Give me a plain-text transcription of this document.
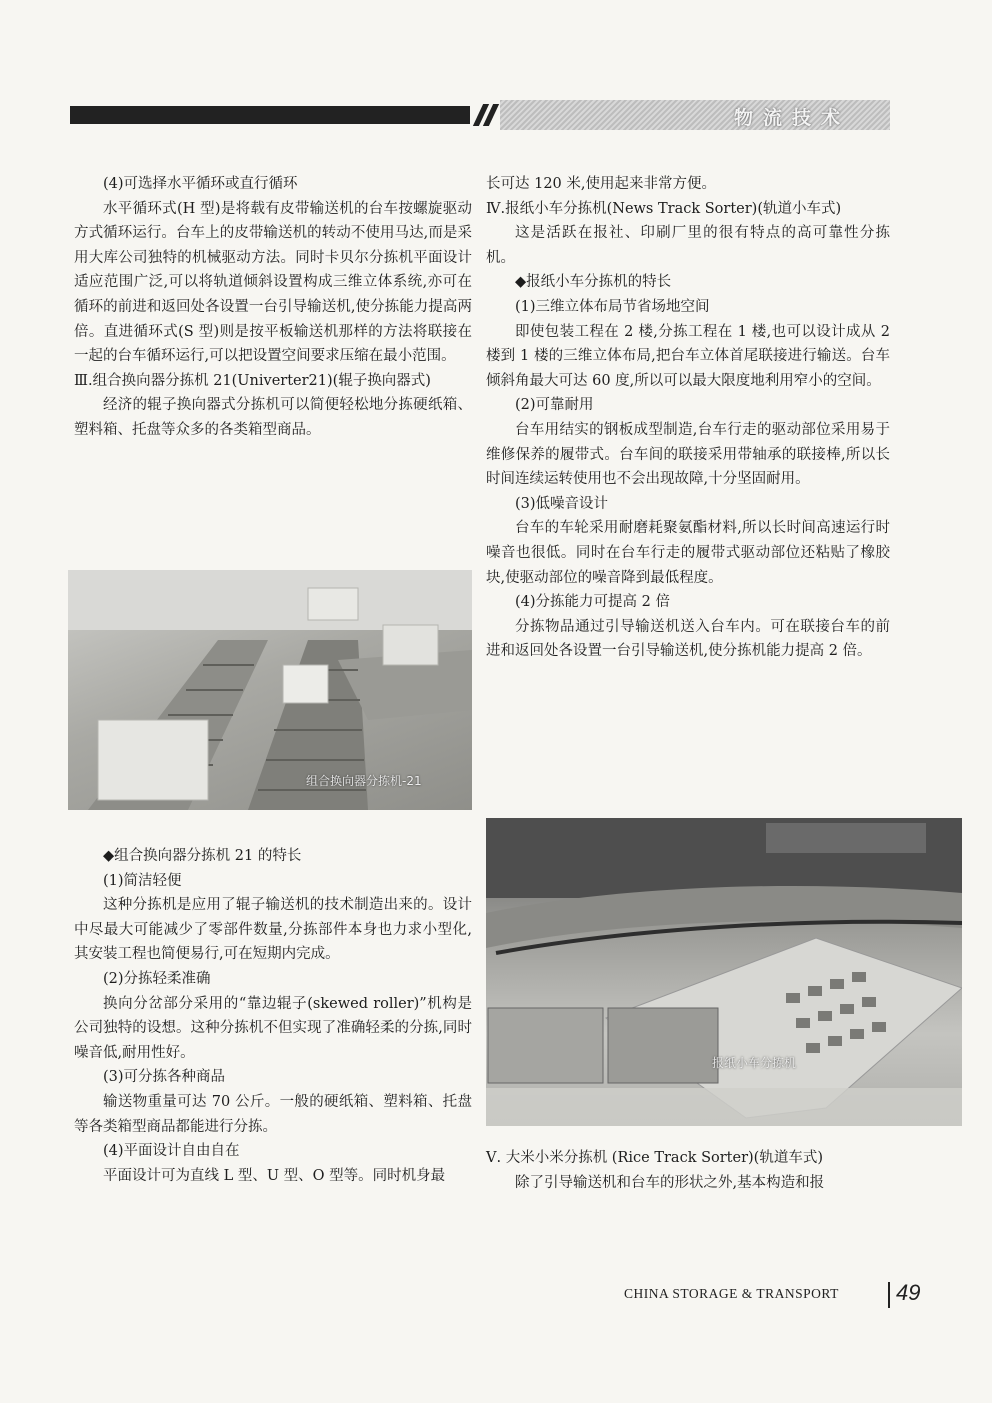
物流技术

(4)可选择水平循环或直行循环

水平循环式(H 型)是将载有皮带输送机的台车按螺旋驱动方式循环运行。台车上的皮带输送机的转动不使用马达,而是采用大库公司独特的机械驱动方法。同时卡贝尔分拣机平面设计适应范围广泛,可以将轨道倾斜设置构成三维立体系统,亦可在循环的前进和返回处各设置一台引导输送机,使分拣能力提高两倍。直进循环式(S 型)则是按平板输送机那样的方法将联接在一起的台车循环运行,可以把设置空间要求压缩在最小范围。

Ⅲ.组合换向器分拣机 21(Univerter21)(辊子换向器式)

经济的辊子换向器式分拣机可以简便轻松地分拣硬纸箱、塑料箱、托盘等众多的各类箱型商品。

组合换向器分拣机-21

◆组合换向器分拣机 21 的特长

(1)简洁轻便

这种分拣机是应用了辊子输送机的技术制造出来的。设计中尽最大可能减少了零部件数量,分拣部件本身也力求小型化,其安装工程也简便易行,可在短期内完成。

(2)分拣轻柔准确

换向分岔部分采用的“靠边辊子(skewed roller)”机构是公司独特的设想。这种分拣机不但实现了准确轻柔的分拣,同时噪音低,耐用性好。

(3)可分拣各种商品

输送物重量可达 70 公斤。一般的硬纸箱、塑料箱、托盘等各类箱型商品都能进行分拣。

(4)平面设计自由自在

平面设计可为直线 L 型、U 型、O 型等。同时机身最

长可达 120 米,使用起来非常方便。

Ⅳ.报纸小车分拣机(News Track Sorter)(轨道小车式)

这是活跃在报社、印刷厂里的很有特点的高可靠性分拣机。

◆报纸小车分拣机的特长

(1)三维立体布局节省场地空间

即使包装工程在 2 楼,分拣工程在 1 楼,也可以设计成从 2 楼到 1 楼的三维立体布局,把台车立体首尾联接进行输送。台车倾斜角最大可达 60 度,所以可以最大限度地利用窄小的空间。

(2)可靠耐用

台车用结实的钢板成型制造,台车行走的驱动部位采用易于维修保养的履带式。台车间的联接采用带轴承的联接棒,所以长时间连续运转使用也不会出现故障,十分坚固耐用。

(3)低噪音设计

台车的车轮采用耐磨耗聚氨酯材料,所以长时间高速运行时噪音也很低。同时在台车行走的履带式驱动部位还粘贴了橡胶块,使驱动部位的噪音降到最低程度。

(4)分拣能力可提高 2 倍

分拣物品通过引导输送机送入台车内。可在联接台车的前进和返回处各设置一台引导输送机,使分拣机能力提高 2 倍。

报纸小车分拣机

Ⅴ. 大米小米分拣机 (Rice Track Sorter)(轨道车式)

除了引导输送机和台车的形状之外,基本构造和报

CHINA STORAGE & TRANSPORT	49
